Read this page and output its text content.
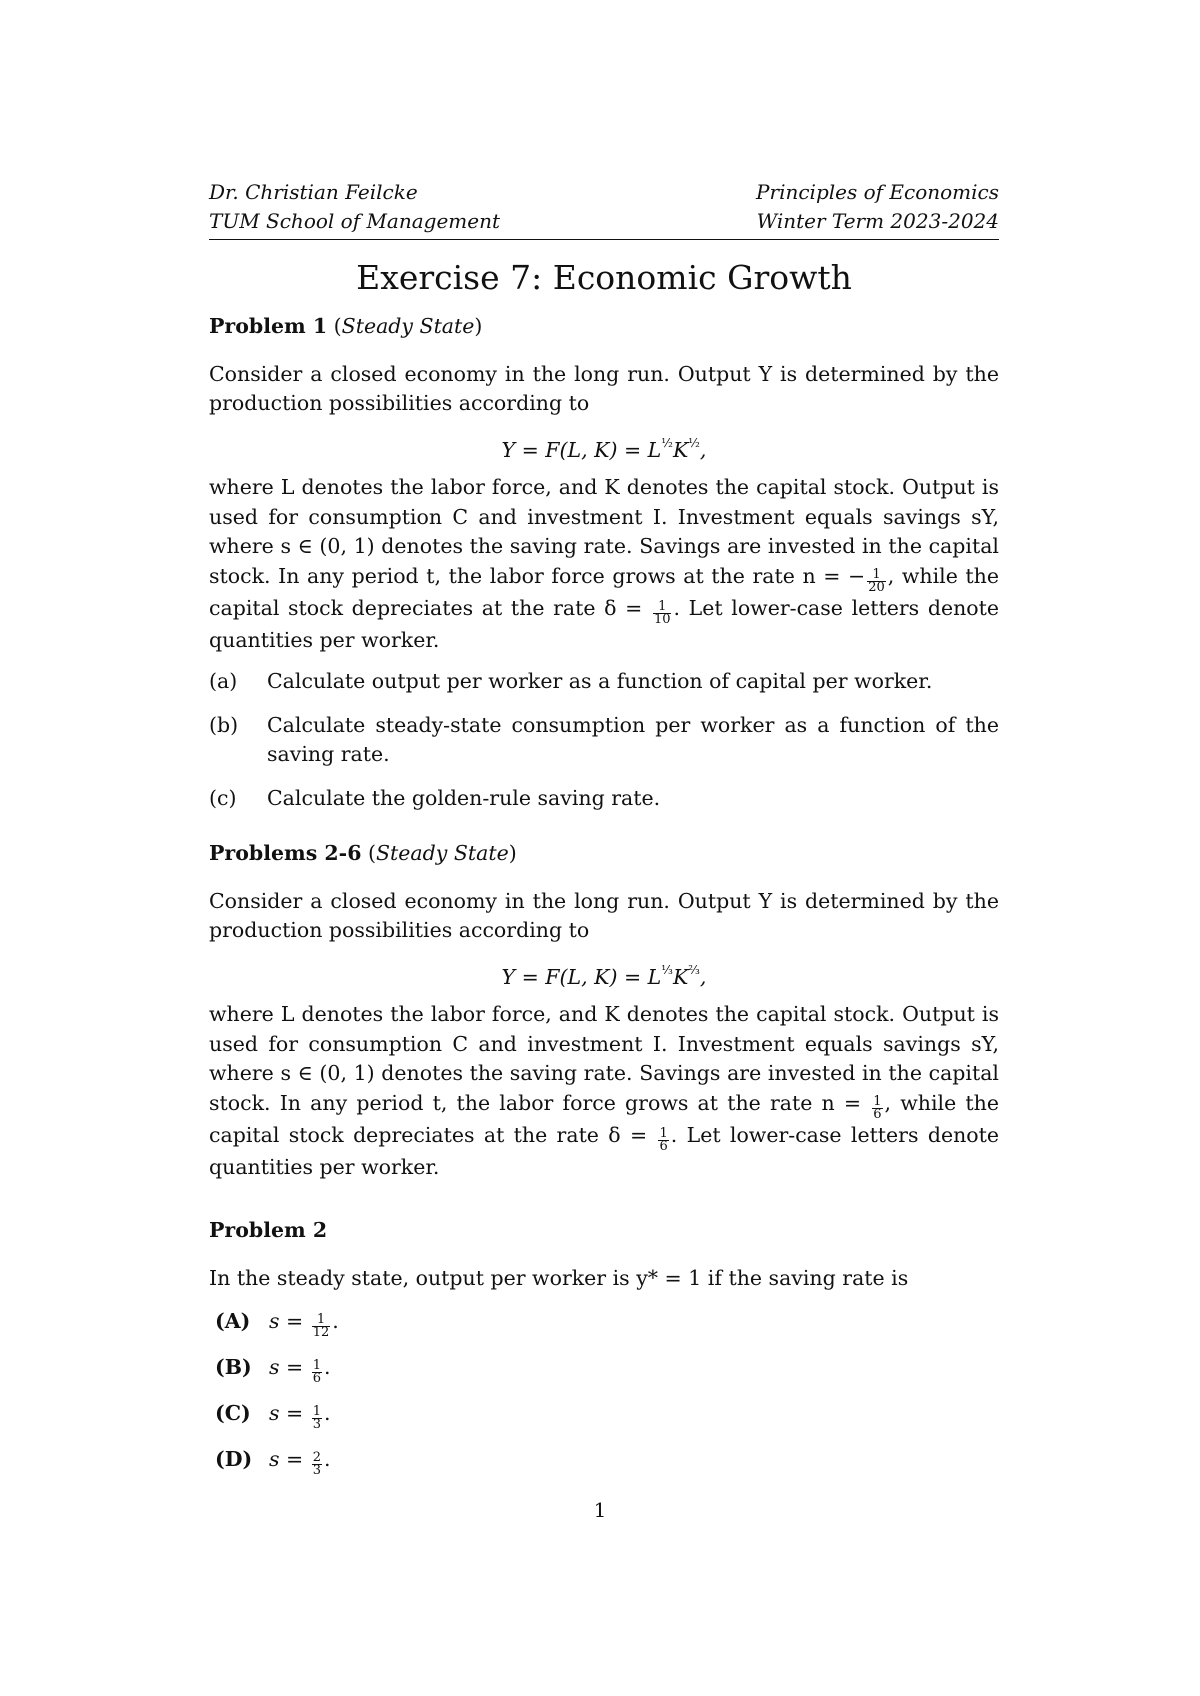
Dr. Christian Feilcke
TUM School of Management
Principles of Economics
Winter Term 2023-2024
Exercise 7: Economic Growth
Problem 1 (Steady State)

Consider a closed economy in the long run. Output Y is determined by the production possibilities according to

Y = F(L, $K) = L^{\frac{1}{2}}K^{\frac{1}{2}}$,

where L denotes the labor force, and K denotes the capital stock. Output is used for consumption C and investment I. Investment equals savings sY, where s ∈ (0, 1) denotes the saving rate. Savings are invested in the capital stock. In any period t, the labor force grows at the rate n = − $\frac{1}{20}$ , while the capital stock depreciates at the rate $\delta = \frac{1}{10}$ . Let lower-case letters denote quantities per worker.

(a)	Calculate output per worker as a function of capital per worker.
(b)	Calculate steady-state consumption per worker as a function of the saving rate.
(c)	Calculate the golden-rule saving rate.
Problems 2-6 (Steady State)

Consider a closed economy in the long run. Output Y is determined by the production possibilities according to

Y = F(L, $K) = L^{\frac{1}{3}}K^{\frac{2}{3}}$,

where L denotes the labor force, and K denotes the capital stock. Output is used for consumption C and investment I. Investment equals savings sY, where s ∈ (0, 1) denotes the saving rate. Savings are invested in the capital stock. In any period t, the labor force grows at the rate $n = \frac{1}{6}$ , while the capital stock depreciates at the rate $\delta = \frac{1}{6}$ . Let lower-case letters denote quantities per worker.

Problem 2

In the steady state, output per worker is y* = 1 if the saving rate is

(A) $s = \frac{1}{12}$ .
(B) $s = \frac{1}{6}$ .
(C) $s = \frac{1}{3}$ .
(D) $s = \frac{2}{3}$ .
1
